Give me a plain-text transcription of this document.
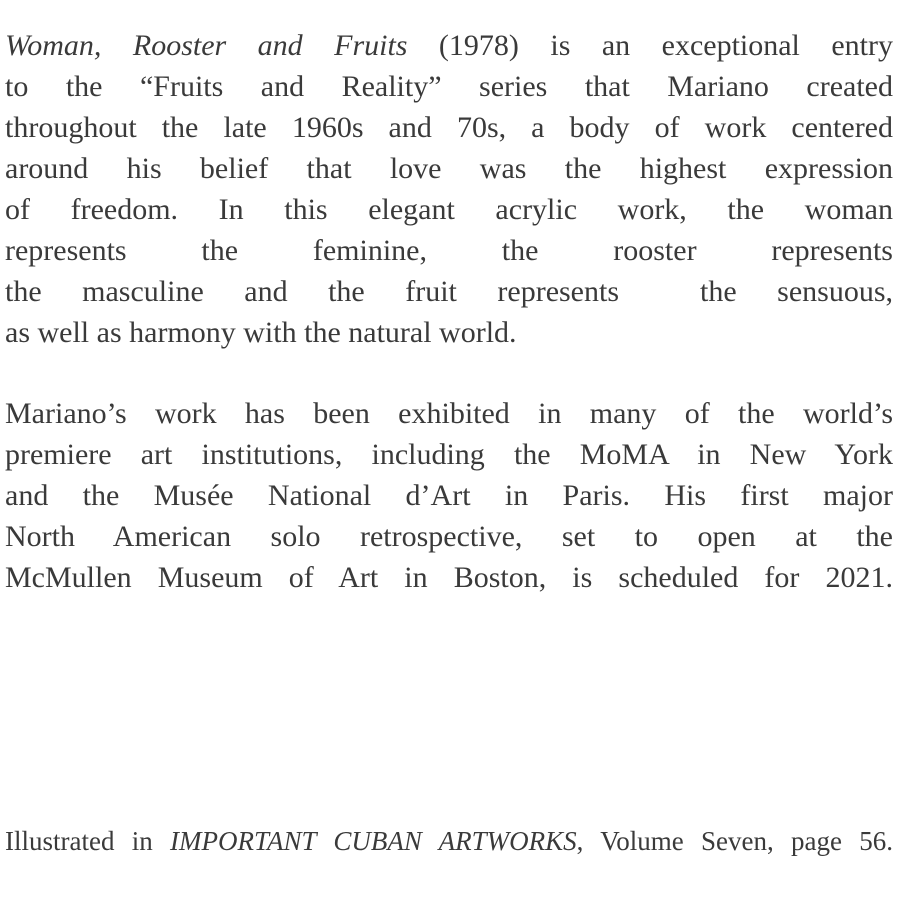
Woman, Rooster and Fruits (1978) is an exceptional entry
to the “Fruits and Reality” series that Mariano created
throughout the late 1960s and 70s, a body of work centered
around his belief that love was the highest expression
of freedom. In this elegant acrylic work, the woman
represents the feminine, the rooster represents
the masculine and the fruit represents  the sensuous,
as well as harmony with the natural world.
Mariano’s work has been exhibited in many of the world’s
premiere art institutions, including the MoMA in New York
and the Musée National d’Art in Paris. His first major
North American solo retrospective, set to open at the
McMullen Museum of Art in Boston, is scheduled for 2021.
Illustrated in IMPORTANT CUBAN ARTWORKS, Volume Seven, page 56.
